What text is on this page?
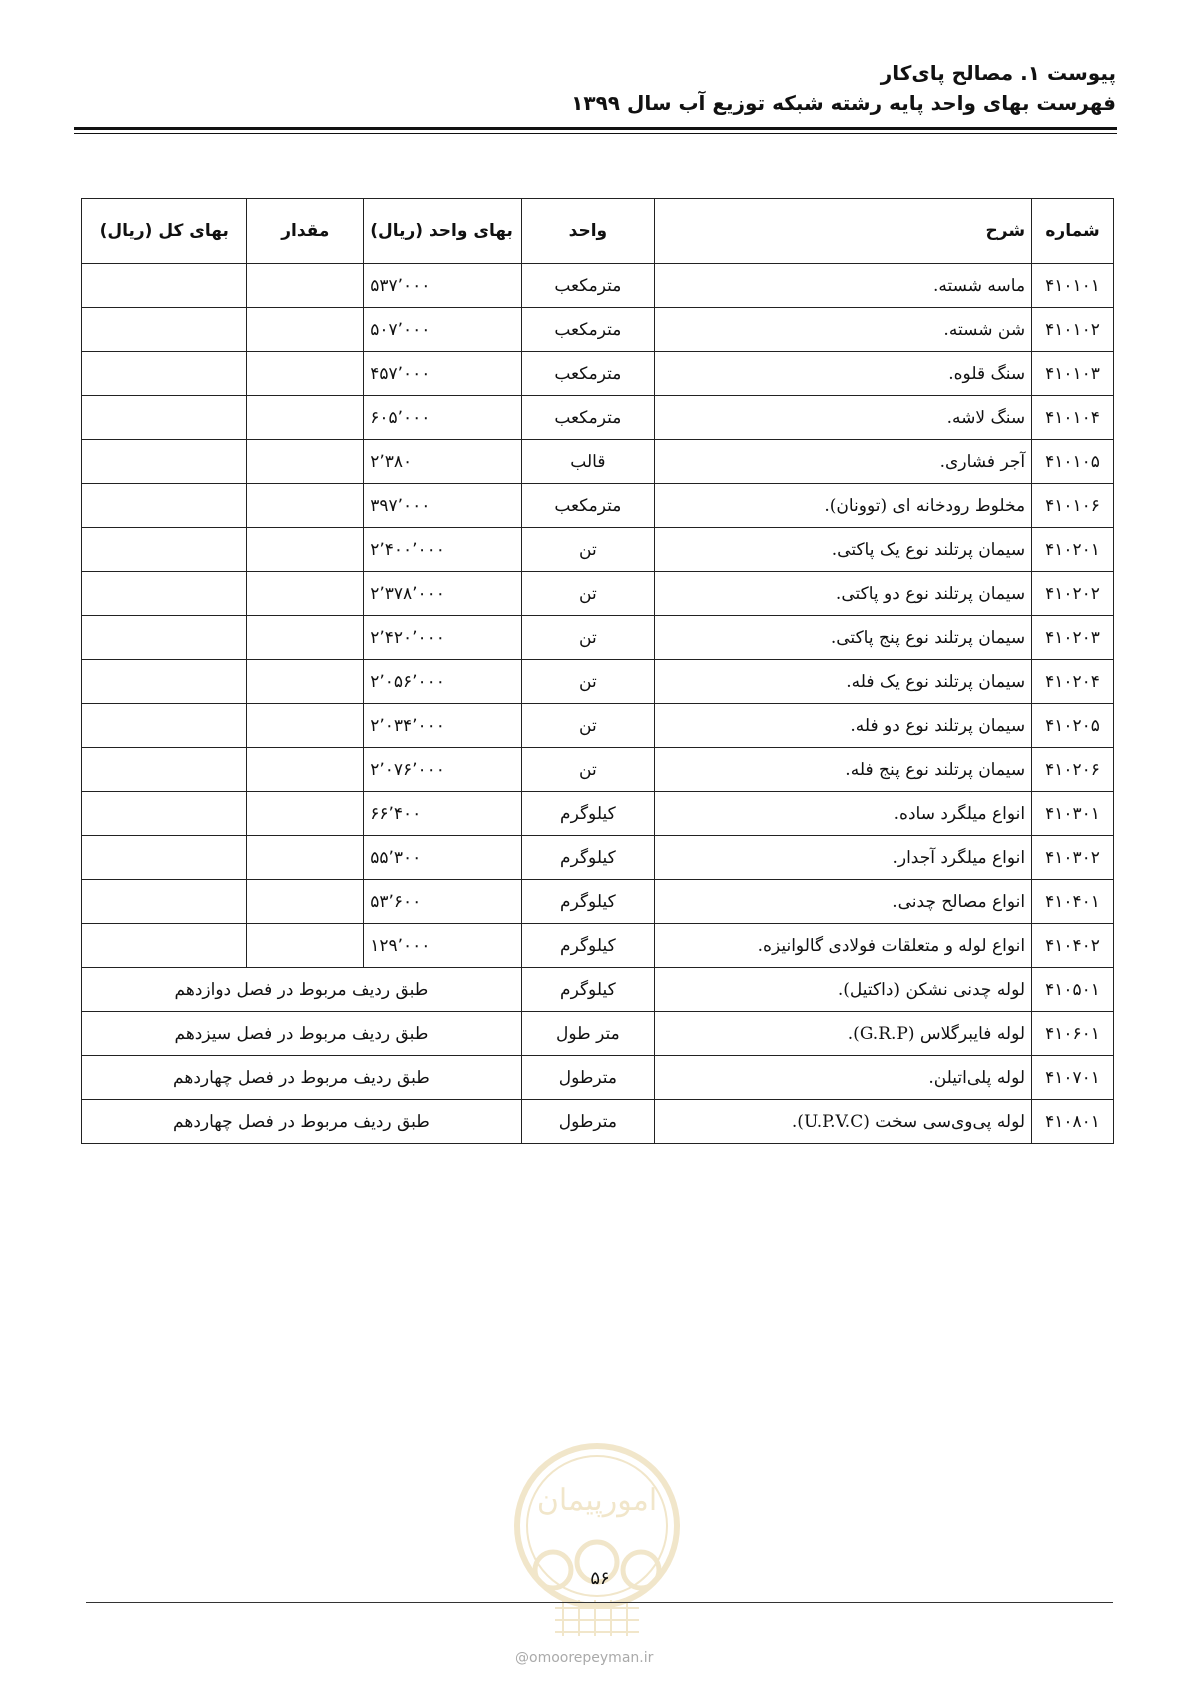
پیوست ۱. مصالح پای‌کار
فهرست بهای واحد پایه رشته شبکه توزیع آب سال ۱۳۹۹
شماره	شرح	واحد	بهای واحد (ریال)	مقدار	بهای کل (ریال)
۴۱۰۱۰۱	ماسه شسته.	مترمکعب	۵۳۷٬۰۰۰		
۴۱۰۱۰۲	شن شسته.	مترمکعب	۵۰۷٬۰۰۰		
۴۱۰۱۰۳	سنگ قلوه.	مترمکعب	۴۵۷٬۰۰۰		
۴۱۰۱۰۴	سنگ لاشه.	مترمکعب	۶۰۵٬۰۰۰		
۴۱۰۱۰۵	آجر فشاری.	قالب	۲٬۳۸۰		
۴۱۰۱۰۶	مخلوط رودخانه ای (توونان).	مترمکعب	۳۹۷٬۰۰۰		
۴۱۰۲۰۱	سیمان پرتلند نوع یک پاکتی.	تن	۲٬۴۰۰٬۰۰۰		
۴۱۰۲۰۲	سیمان پرتلند نوع دو پاکتی.	تن	۲٬۳۷۸٬۰۰۰		
۴۱۰۲۰۳	سیمان پرتلند نوع پنج پاکتی.	تن	۲٬۴۲۰٬۰۰۰		
۴۱۰۲۰۴	سیمان پرتلند نوع یک فله.	تن	۲٬۰۵۶٬۰۰۰		
۴۱۰۲۰۵	سیمان پرتلند نوع دو فله.	تن	۲٬۰۳۴٬۰۰۰		
۴۱۰۲۰۶	سیمان پرتلند نوع پنج فله.	تن	۲٬۰۷۶٬۰۰۰		
۴۱۰۳۰۱	انواع میلگرد ساده.	کیلوگرم	۶۶٬۴۰۰		
۴۱۰۳۰۲	انواع میلگرد آجدار.	کیلوگرم	۵۵٬۳۰۰		
۴۱۰۴۰۱	انواع مصالح چدنی.	کیلوگرم	۵۳٬۶۰۰		
۴۱۰۴۰۲	انواع لوله و متعلقات فولادی گالوانیزه.	کیلوگرم	۱۲۹٬۰۰۰		
۴۱۰۵۰۱	لوله چدنی نشکن (داکتیل).	کیلوگرم	طبق ردیف مربوط در فصل دوازدهم		
۴۱۰۶۰۱	لوله فایبرگلاس (G.R.P).	متر طول	طبق ردیف مربوط در فصل سیزدهم		
۴۱۰۷۰۱	لوله پلی‌اتیلن.	مترطول	طبق ردیف مربوط در فصل چهاردهم		
۴۱۰۸۰۱	لوله پی‌وی‌سی سخت (U.P.V.C).	مترطول	طبق ردیف مربوط در فصل چهاردهم		
امورپیمان
۵۶
@omoorepeyman.ir
